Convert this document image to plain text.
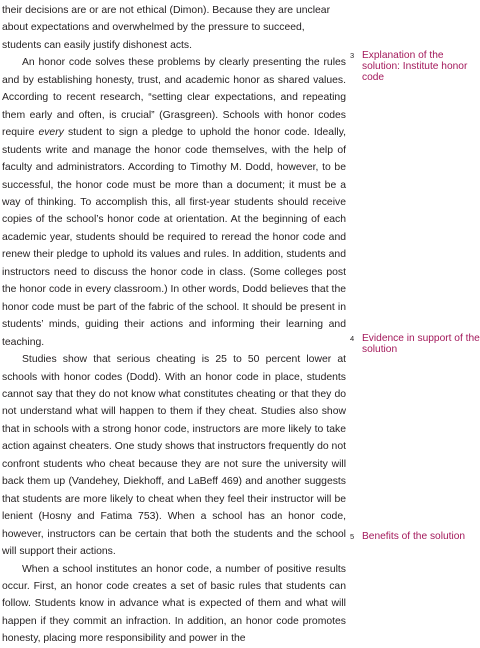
their decisions are or are not ethical (Dimon). Because they are unclear about expectations and overwhelmed by the pressure to succeed, students can easily justify dishonest acts.

An honor code solves these problems by clearly presenting the rules and by establishing honesty, trust, and academic honor as shared values. According to recent research, “setting clear expectations, and repeating them early and often, is crucial” (Grasgreen). Schools with honor codes require every student to sign a pledge to uphold the honor code. Ideally, students write and manage the honor code themselves, with the help of faculty and administrators. According to Timothy M. Dodd, however, to be successful, the honor code must be more than a document; it must be a way of thinking. To accomplish this, all first-year students should receive copies of the school’s honor code at orientation. At the beginning of each academic year, students should be required to reread the honor code and renew their pledge to uphold its values and rules. In addition, students and instructors need to discuss the honor code in class. (Some colleges post the honor code in every classroom.) In other words, Dodd believes that the honor code must be part of the fabric of the school. It should be present in students’ minds, guiding their actions and informing their learning and teaching.

Studies show that serious cheating is 25 to 50 percent lower at schools with honor codes (Dodd). With an honor code in place, students cannot say that they do not know what constitutes cheating or that they do not understand what will happen to them if they cheat. Studies also show that in schools with a strong honor code, instructors are more likely to take action against cheaters. One study shows that instructors frequently do not confront students who cheat because they are not sure the university will back them up (Vandehey, Diekhoff, and LaBeff 469) and another suggests that students are more likely to cheat when they feel their instructor will be lenient (Hosny and Fatima 753). When a school has an honor code, however, instructors can be certain that both the students and the school will support their actions.

When a school institutes an honor code, a number of positive results occur. First, an honor code creates a set of basic rules that students can follow. Students know in advance what is expected of them and what will happen if they commit an infraction. In addition, an honor code promotes honesty, placing more responsibility and power in the

3 Explanation of the solution: Institute honor code
4 Evidence in support of the solution
5 Benefits of the solution
